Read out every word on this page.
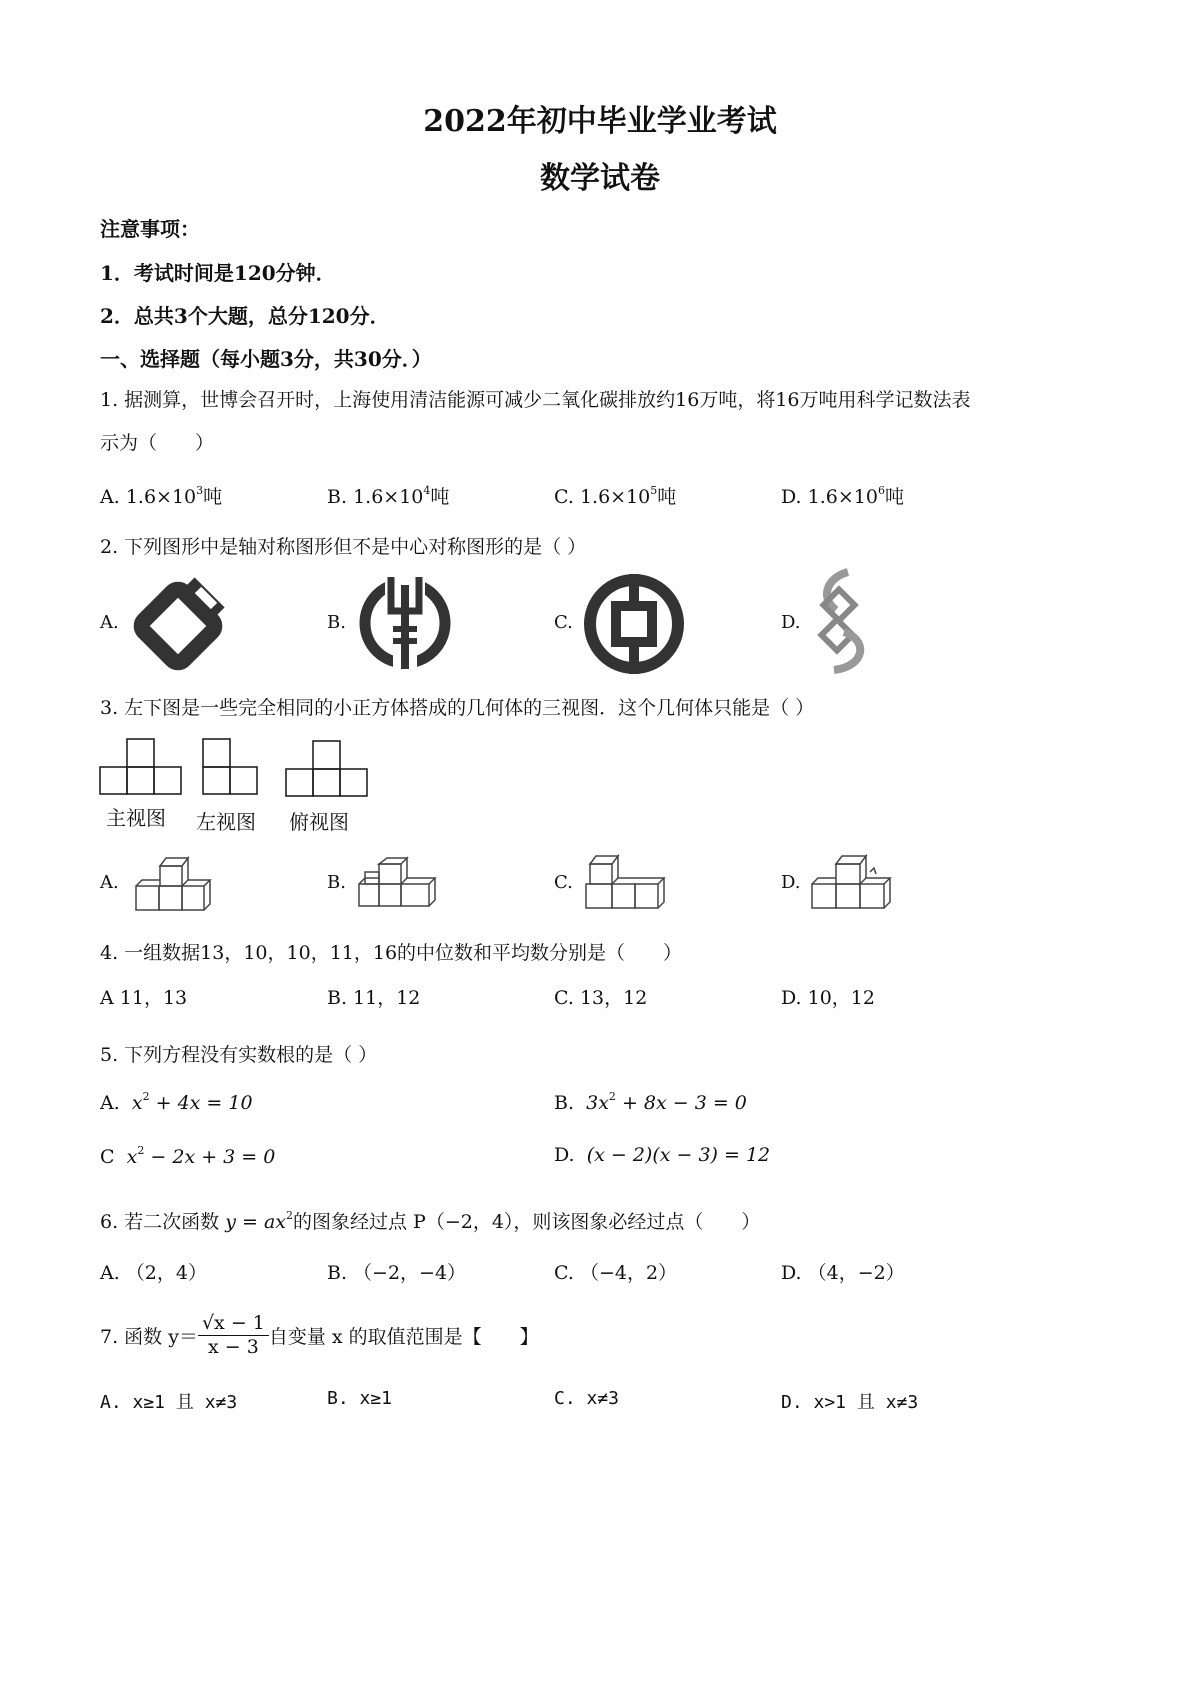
2022年初中毕业学业考试
数学试卷
注意事项：
1．考试时间是120分钟．
2．总共3个大题，总分120分．
一、选择题（每小题3分，共30分．）
1. 据测算，世博会召开时，上海使用清洁能源可减少二氧化碳排放约16万吨，将16万吨用科学记数法表
示为（　　）
A. $1.6\times 10^3$吨	B. $1.6\times 10^4$吨	C. $1.6\times 10^5$吨	D. $1.6\times 10^6$吨
2. 下列图形中是轴对称图形但不是中心对称图形的是（ ）
A.	B.	C.	D.
3. 左下图是一些完全相同的小正方体搭成的几何体的三视图．这个几何体只能是（ ）
主视图 左视图 俯视图
A.	B.	C.	D.
4. 一组数据13，10，10，11，16的中位数和平均数分别是（　　）
A 11，13	B. 11，12	C. 13，12	D. 10，12
5. 下列方程没有实数根的是（ ）
A. $x^2 + 4x = 10$	B. $3x^2 + 8x - 3 = 0$
C $x^2 - 2x + 3 = 0$	D. (x − 2)(x − 3) = 12
6. 若二次函数 $y = ax^2$的图象经过点 P（−2，4），则该图象必经过点（　　）
A. （2，4）	B. （−2，−4）	C. （−4，2）	D. （4，−2）
7. 函数 $y= \frac{√x - 1}{x - 3}$ 自变量 x 的取值范围是【　　】
A. x≥1 且 x≠3	B. x≥1	C. x≠3	D. x>1 且 x≠3
